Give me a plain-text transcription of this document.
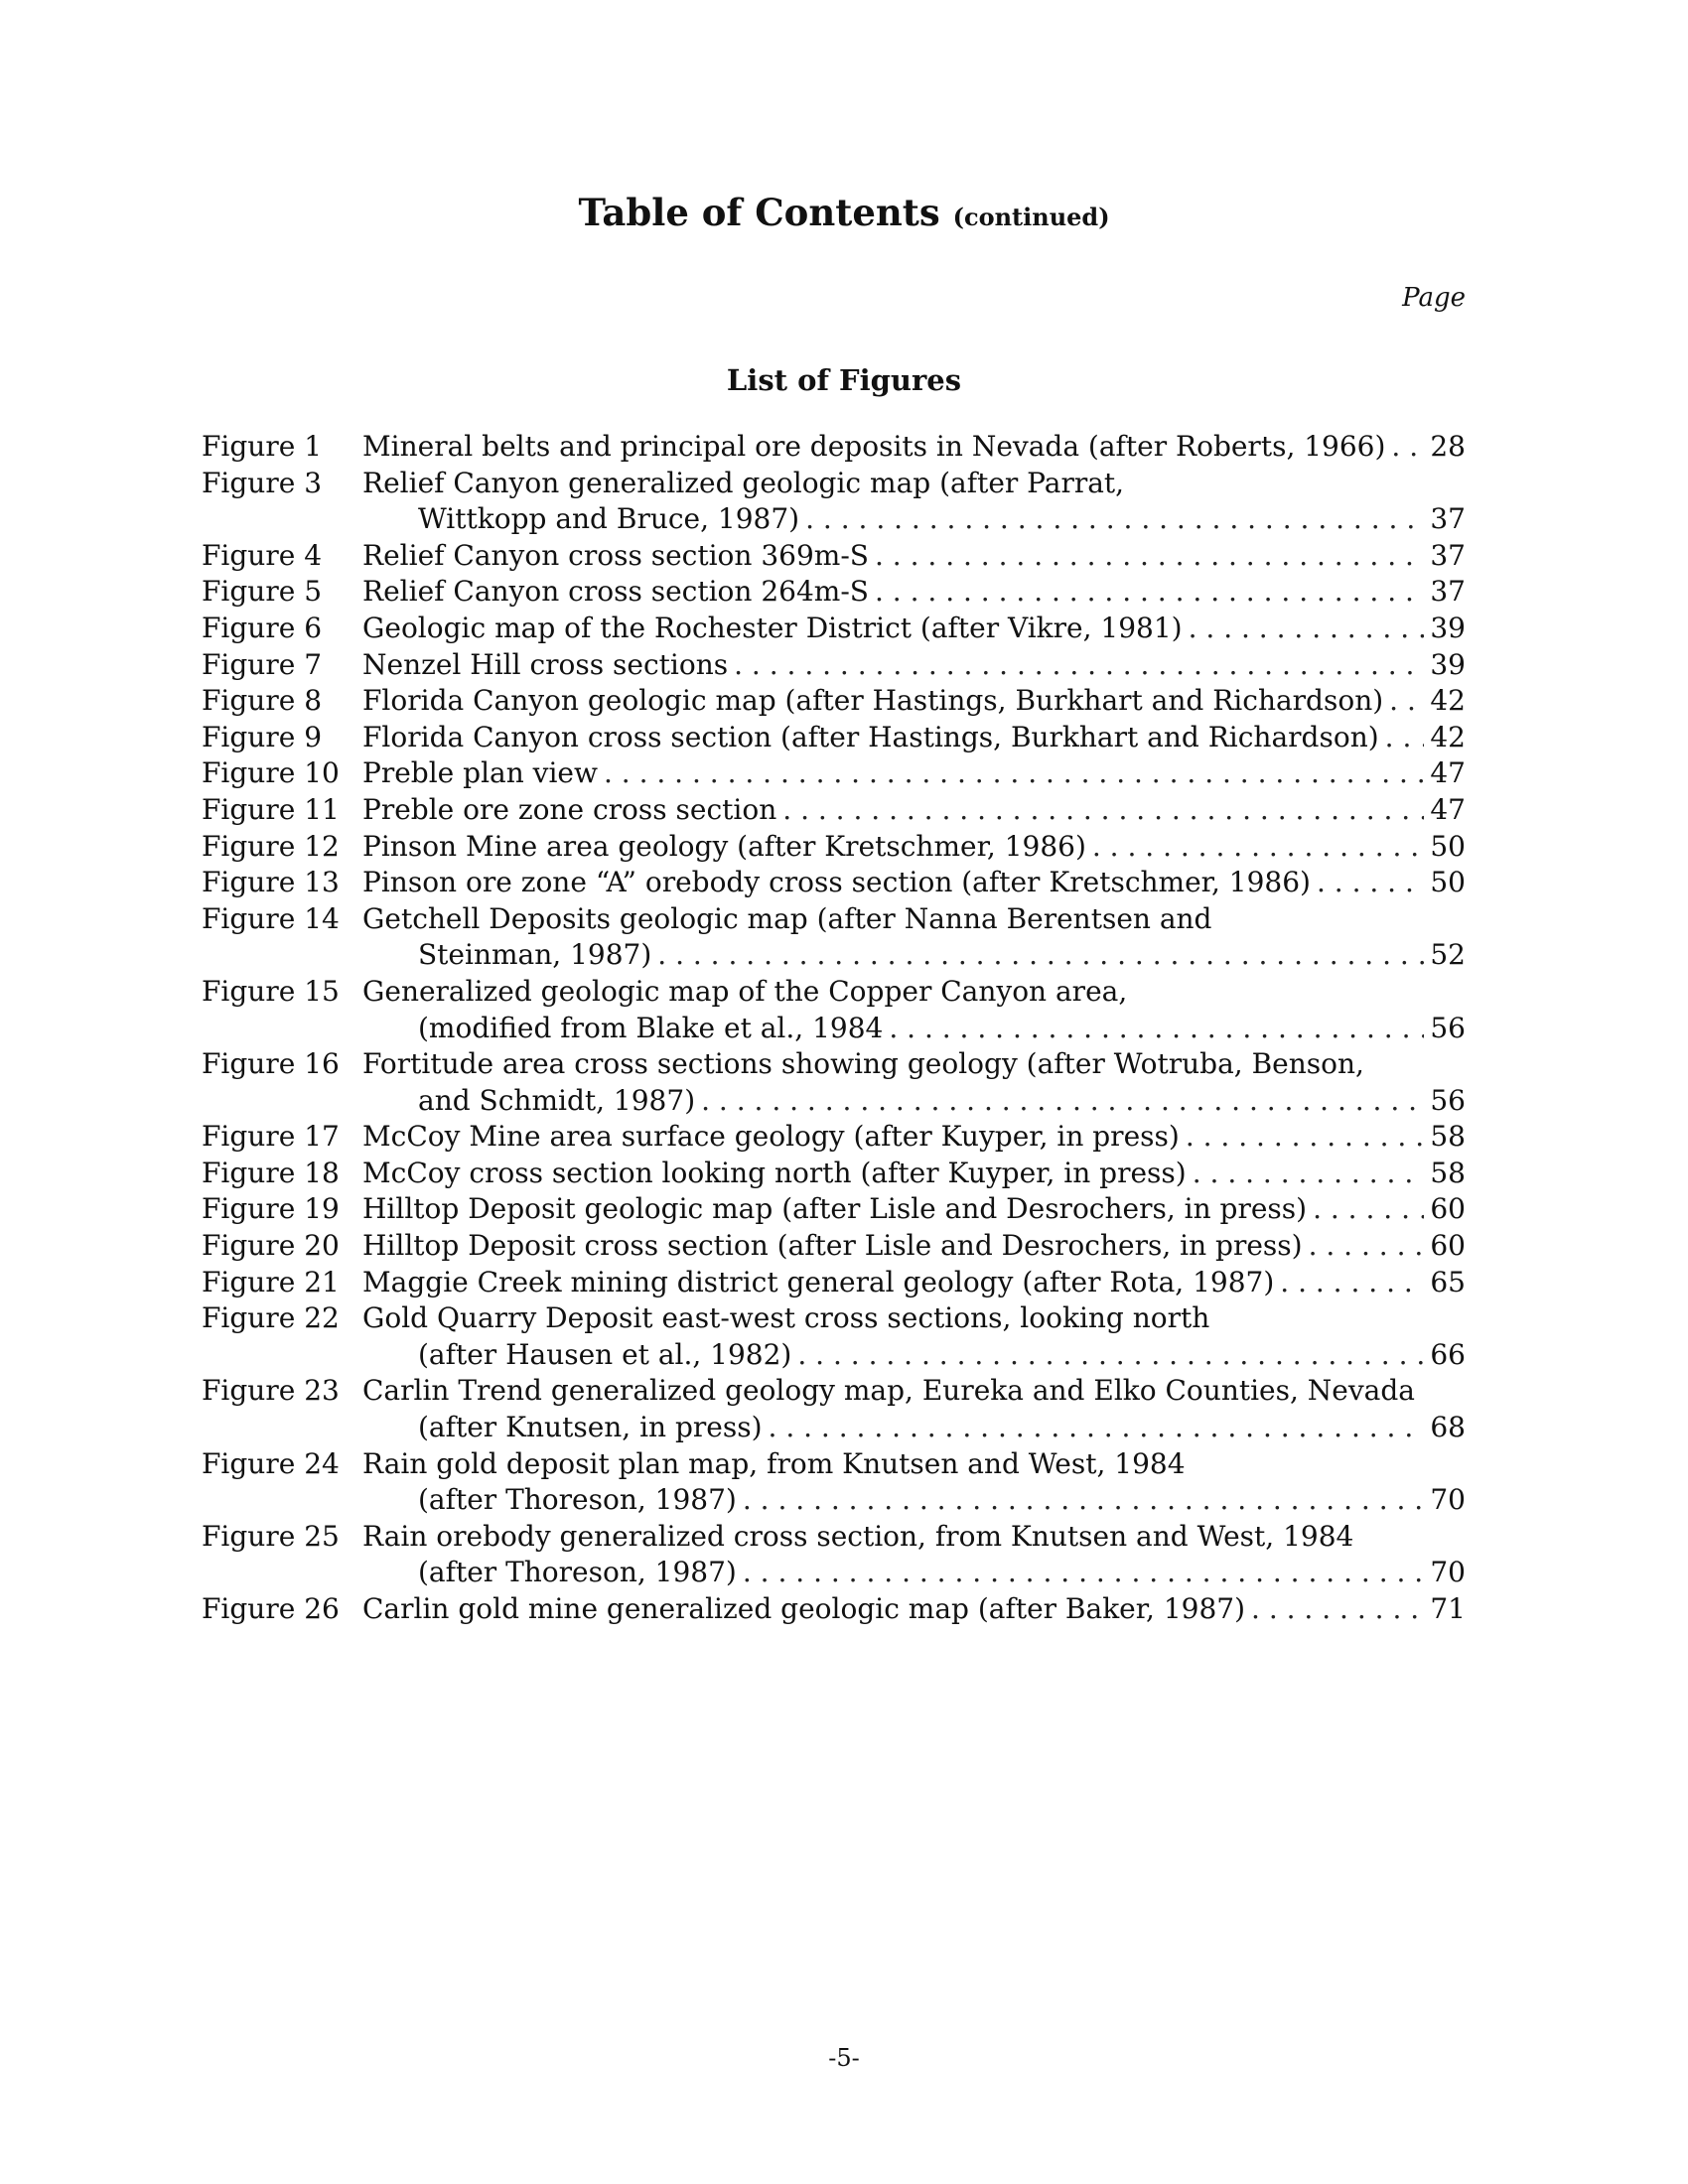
Table of Contents (continued)
Page
List of Figures
Figure 1	Mineral belts and principal ore deposits in Nevada (after Roberts, 1966) . . . 28
Figure 3	Relief Canyon generalized geologic map (after Parrat,
Wittkopp and Bruce, 1987) . . .	37
Figure 4	Relief Canyon cross section 369m-S . . .	37
Figure 5	Relief Canyon cross section 264m-S . . .	37
Figure 6	Geologic map of the Rochester District (after Vikre, 1981) . . .	39
Figure 7	Nenzel Hill cross sections . . .	39
Figure 8	Florida Canyon geologic map (after Hastings, Burkhart and Richardson) . . . 42
Figure 9	Florida Canyon cross section (after Hastings, Burkhart and Richardson) . . . 42
Figure 10 Preble plan view . . .	47
Figure 11 Preble ore zone cross section . . .	47
Figure 12 Pinson Mine area geology (after Kretschmer, 1986) . . .	50
Figure 13 Pinson ore zone “A” orebody cross section (after Kretschmer, 1986) . . .	50
Figure 14 Getchell Deposits geologic map (after Nanna Berentsen and
Steinman, 1987) . . .	52
Figure 15 Generalized geologic map of the Copper Canyon area,
(modified from Blake et al., 1984 . . .	56
Figure 16 Fortitude area cross sections showing geology (after Wotruba, Benson,
and Schmidt, 1987) . . .	56
Figure 17 McCoy Mine area surface geology (after Kuyper, in press) . . .	58
Figure 18 McCoy cross section looking north (after Kuyper, in press) . . .	58
Figure 19 Hilltop Deposit geologic map (after Lisle and Desrochers, in press) . . .	60
Figure 20 Hilltop Deposit cross section (after Lisle and Desrochers, in press) . . .	60
Figure 21 Maggie Creek mining district general geology (after Rota, 1987) . . .	65
Figure 22 Gold Quarry Deposit east-west cross sections, looking north
(after Hausen et al., 1982) . . .	66
Figure 23 Carlin Trend generalized geology map, Eureka and Elko Counties, Nevada
(after Knutsen, in press) . . .	68
Figure 24 Rain gold deposit plan map, from Knutsen and West, 1984
(after Thoreson, 1987) . . .	70
Figure 25 Rain orebody generalized cross section, from Knutsen and West, 1984
(after Thoreson, 1987) . . .	70
Figure 26 Carlin gold mine generalized geologic map (after Baker, 1987) . . .	71
-5-
